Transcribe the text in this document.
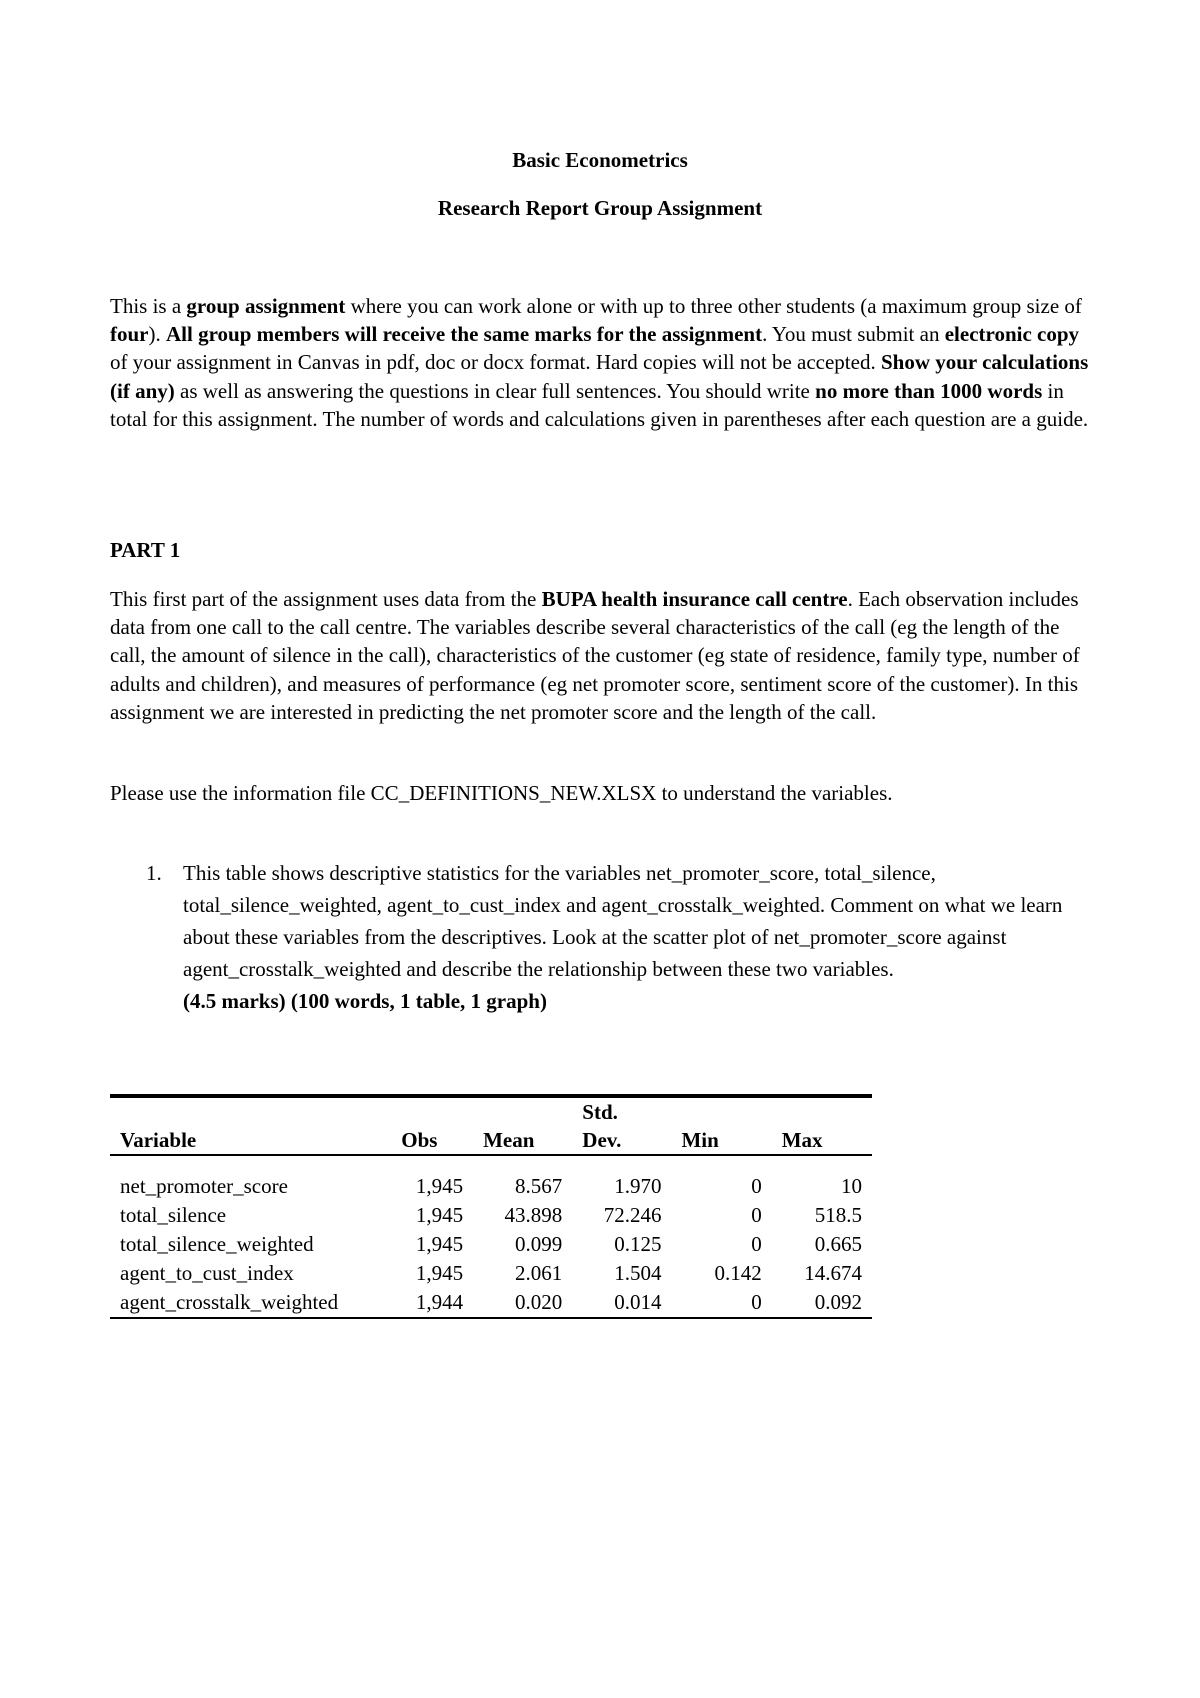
Basic Econometrics
Research Report Group Assignment

This is a group assignment where you can work alone or with up to three other students (a maximum group size of four). All group members will receive the same marks for the assignment. You must submit an electronic copy of your assignment in Canvas in pdf, doc or docx format. Hard copies will not be accepted. Show your calculations (if any) as well as answering the questions in clear full sentences. You should write no more than 1000 words in total for this assignment. The number of words and calculations given in parentheses after each question are a guide.

PART 1

This first part of the assignment uses data from the BUPA health insurance call centre. Each observation includes data from one call to the call centre. The variables describe several characteristics of the call (eg the length of the call, the amount of silence in the call), characteristics of the customer (eg state of residence, family type, number of adults and children), and measures of performance (eg net promoter score, sentiment score of the customer). In this assignment we are interested in predicting the net promoter score and the length of the call.

Please use the information file CC_DEFINITIONS_NEW.XLSX to understand the variables.

1. This table shows descriptive statistics for the variables net_promoter_score, total_silence, total_silence_weighted, agent_to_cust_index and agent_crosstalk_weighted. Comment on what we learn about these variables from the descriptives. Look at the scatter plot of net_promoter_score against agent_crosstalk_weighted and describe the relationship between these two variables.
(4.5 marks) (100 words, 1 table, 1 graph)

			Std.		
Variable	Obs	Mean	Dev.	Min	Max

net_promoter_score	1,945	8.567	1.970	0	10
total_silence	1,945	43.898	72.246	0	518.5
total_silence_weighted	1,945	0.099	0.125	0	0.665
agent_to_cust_index	1,945	2.061	1.504	0.142	14.674
agent_crosstalk_weighted	1,944	0.020	0.014	0	0.092
